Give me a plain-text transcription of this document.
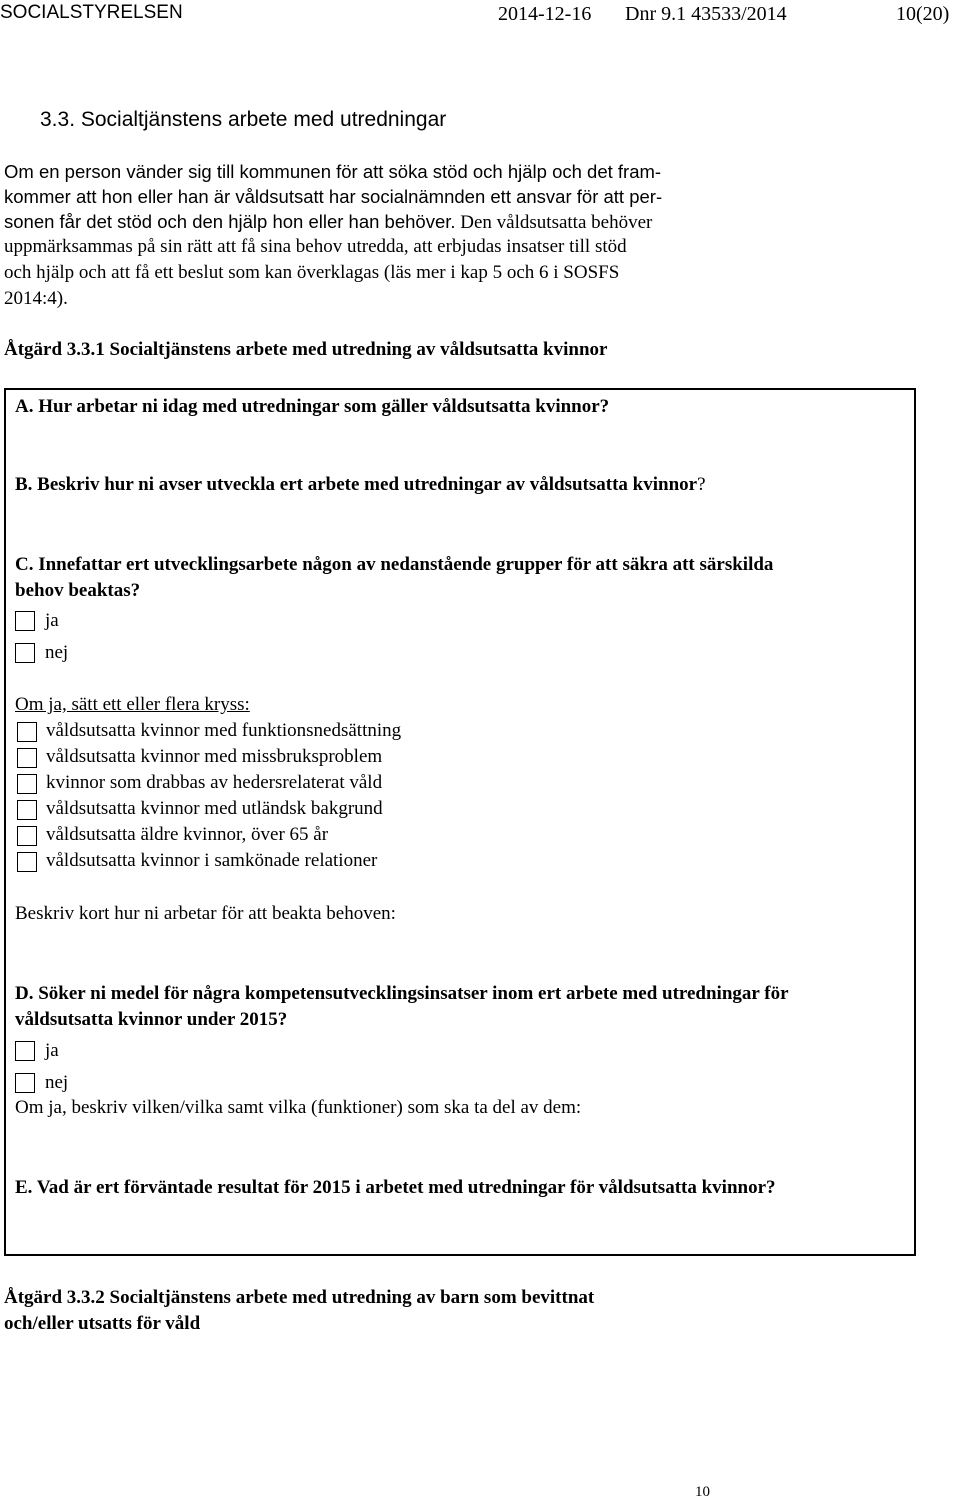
SOCIALSTYRELSEN	2014-12-16 Dnr 9.1 43533/2014	10(20)
3.3. Socialtjänstens arbete med utredningar
Om en person vänder sig till kommunen för att söka stöd och hjälp och det fram-
kommer att hon eller han är våldsutsatt har socialnämnden ett ansvar för att per-
sonen får det stöd och den hjälp hon eller han behöver. Den våldsutsatta behöver
uppmärksammas på sin rätt att få sina behov utredda, att erbjudas insatser till stöd
och hjälp och att få ett beslut som kan överklagas (läs mer i kap 5 och 6 i SOSFS
2014:4).
Åtgärd 3.3.1 Socialtjänstens arbete med utredning av våldsutsatta kvinnor
A. Hur arbetar ni idag med utredningar som gäller våldsutsatta kvinnor?
B. Beskriv hur ni avser utveckla ert arbete med utredningar av våldsutsatta kvinnor?
C. Innefattar ert utvecklingsarbete någon av nedanstående grupper för att säkra att särskilda
behov beaktas?
ja
nej
Om ja, sätt ett eller flera kryss:
våldsutsatta kvinnor med funktionsnedsättning
våldsutsatta kvinnor med missbruksproblem
kvinnor som drabbas av hedersrelaterat våld
våldsutsatta kvinnor med utländsk bakgrund
våldsutsatta äldre kvinnor, över 65 år
våldsutsatta kvinnor i samkönade relationer
Beskriv kort hur ni arbetar för att beakta behoven:
D. Söker ni medel för några kompetensutvecklingsinsatser inom ert arbete med utredningar för
våldsutsatta kvinnor under 2015?
ja
nej
Om ja, beskriv vilken/vilka samt vilka (funktioner) som ska ta del av dem:
E. Vad är ert förväntade resultat för 2015 i arbetet med utredningar för våldsutsatta kvinnor?
Åtgärd 3.3.2 Socialtjänstens arbete med utredning av barn som bevittnat
och/eller utsatts för våld
10
